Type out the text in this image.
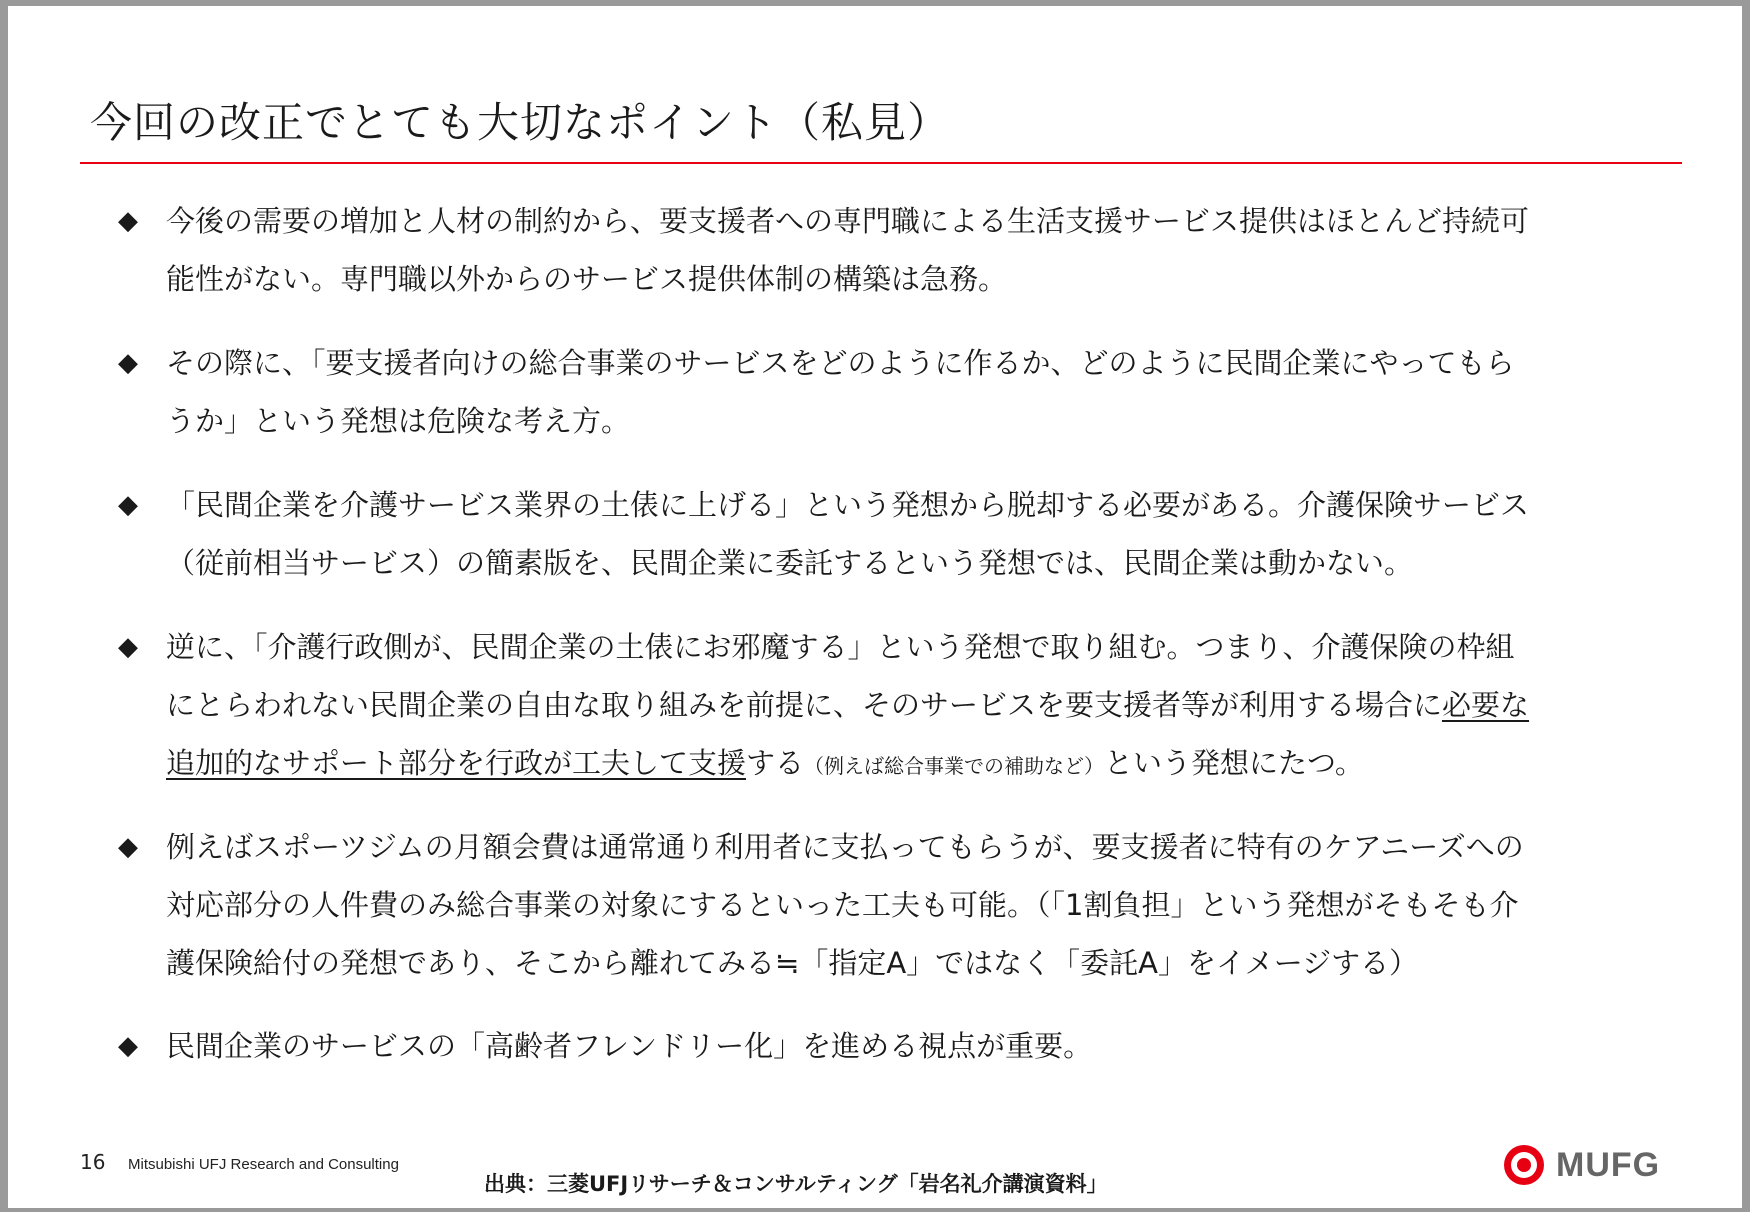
今回の改正でとても大切なポイント（私見）
◆ 今後の需要の増加と人材の制約から、要支援者への専門職による生活支援サービス提供はほとんど持続可
能性がない。専門職以外からのサービス提供体制の構築は急務。
◆ その際に、「要支援者向けの総合事業のサービスをどのように作るか、どのように民間企業にやってもら
うか」という発想は危険な考え方。
◆ 「民間企業を介護サービス業界の土俵に上げる」という発想から脱却する必要がある。介護保険サービス
（従前相当サービス）の簡素版を、民間企業に委託するという発想では、民間企業は動かない。
◆ 逆に、「介護行政側が、民間企業の土俵にお邪魔する」という発想で取り組む。つまり、介護保険の枠組
にとらわれない民間企業の自由な取り組みを前提に、そのサービスを要支援者等が利用する場合に必要な
追加的なサポート部分を行政が工夫して支援する（例えば総合事業での補助など）という発想にたつ。
◆ 例えばスポーツジムの月額会費は通常通り利用者に支払ってもらうが、要支援者に特有のケアニーズへの
対応部分の人件費のみ総合事業の対象にするといった工夫も可能。（「1割負担」という発想がそもそも介
護保険給付の発想であり、そこから離れてみる≒「指定A」ではなく「委託A」をイメージする）
◆ 民間企業のサービスの「高齢者フレンドリー化」を進める視点が重要。
16 Mitsubishi UFJ Research and Consulting
出典：三菱UFJリサーチ＆コンサルティング「岩名礼介講演資料」	MUFG
